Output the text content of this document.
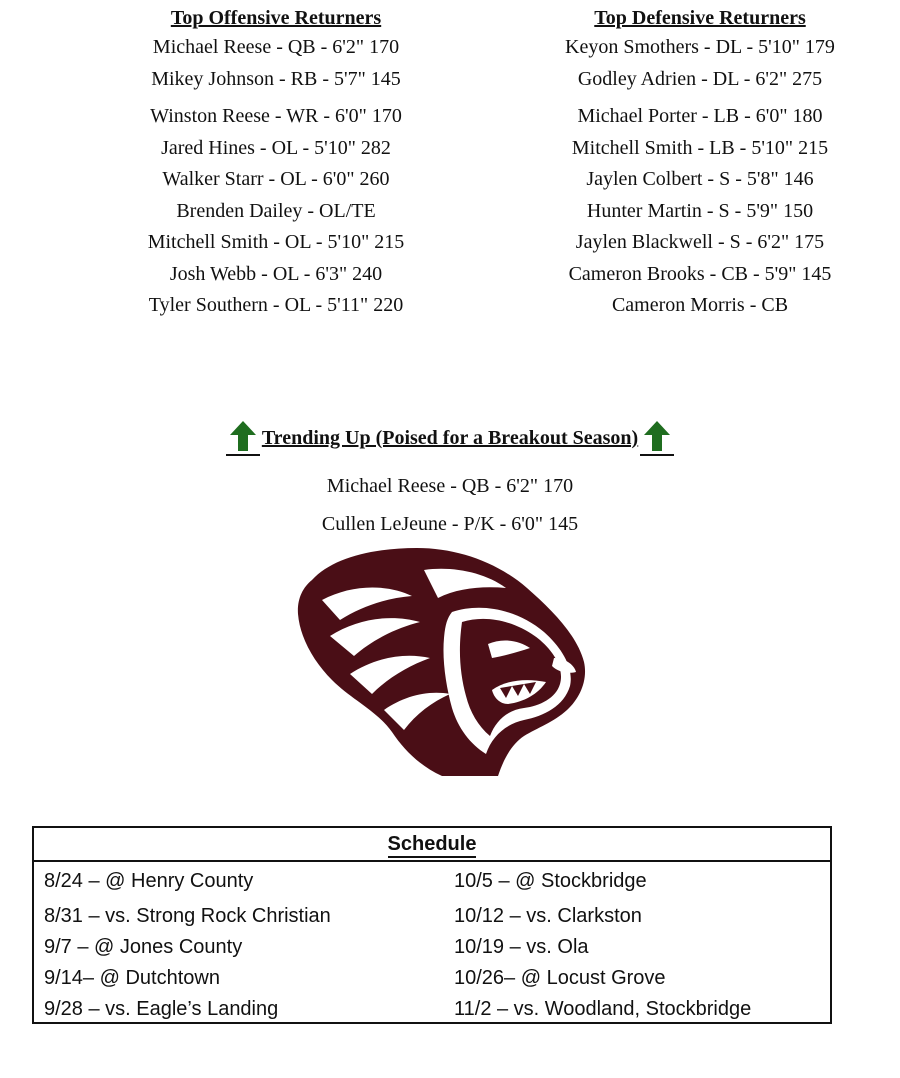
Top Offensive Returners
Michael Reese - QB - 6'2" 170
Mikey Johnson - RB - 5'7" 145
Winston Reese - WR - 6'0" 170
Jared Hines - OL - 5'10" 282
Walker Starr - OL - 6'0" 260
Brenden Dailey - OL/TE
Mitchell Smith - OL - 5'10" 215
Josh Webb - OL - 6'3" 240
Tyler Southern - OL - 5'11" 220
Top Defensive Returners
Keyon Smothers - DL - 5'10" 179
Godley Adrien - DL - 6'2" 275
Michael Porter - LB - 6'0" 180
Mitchell Smith - LB - 5'10" 215
Jaylen Colbert - S - 5'8" 146
Hunter Martin - S - 5'9" 150
Jaylen Blackwell - S - 6'2" 175
Cameron Brooks - CB - 5'9" 145
Cameron Morris - CB
Trending Up (Poised for a Breakout Season)
Michael Reese - QB - 6'2" 170
Cullen LeJeune - P/K - 6'0" 145
Schedule
8/24 – @ Henry County
8/31 – vs. Strong Rock Christian
9/7 – @ Jones County
9/14– @ Dutchtown
9/28 – vs. Eagle’s Landing
10/5 – @ Stockbridge
10/12 – vs. Clarkston
10/19 – vs. Ola
10/26– @ Locust Grove
11/2 – vs. Woodland, Stockbridge
